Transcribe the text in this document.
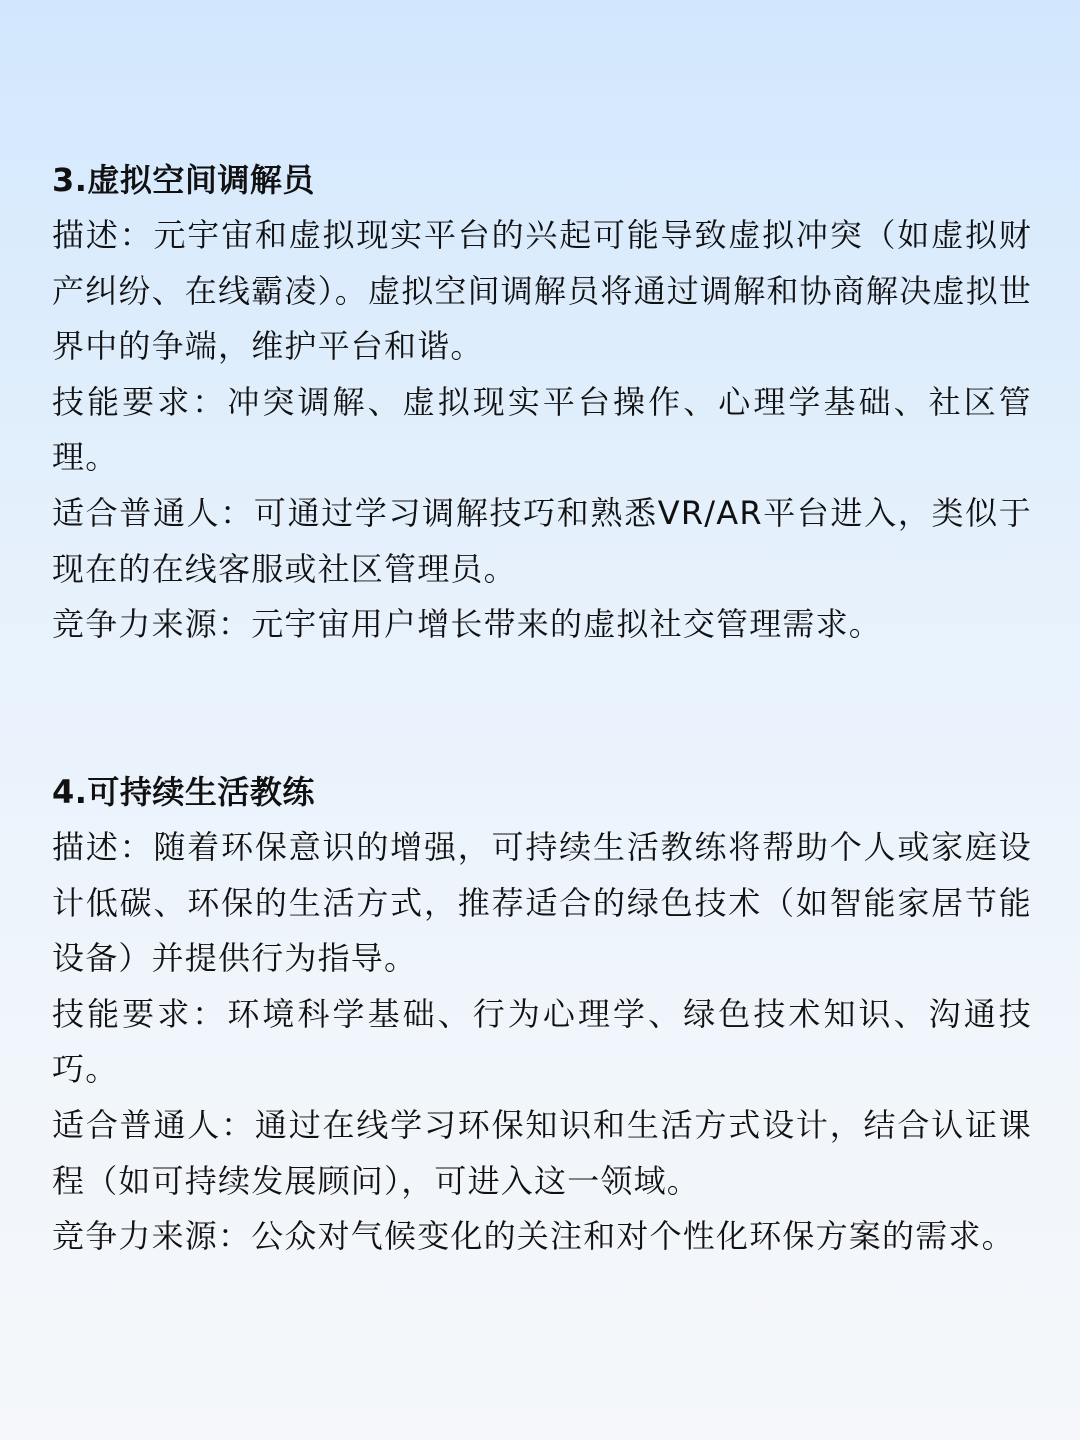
3.虚拟空间调解员

描述：元宇宙和虚拟现实平台的兴起可能导致虚拟冲突（如虚拟财产纠纷、在线霸凌）。虚拟空间调解员将通过调解和协商解决虚拟世界中的争端，维护平台和谐。

技能要求：冲突调解、虚拟现实平台操作、心理学基础、社区管理。

适合普通人：可通过学习调解技巧和熟悉VR/AR平台进入，类似于现在的在线客服或社区管理员。

竞争力来源：元宇宙用户增长带来的虚拟社交管理需求。

4.可持续生活教练

描述：随着环保意识的增强，可持续生活教练将帮助个人或家庭设计低碳、环保的生活方式，推荐适合的绿色技术（如智能家居节能设备）并提供行为指导。

技能要求：环境科学基础、行为心理学、绿色技术知识、沟通技巧。

适合普通人：通过在线学习环保知识和生活方式设计，结合认证课程（如可持续发展顾问），可进入这一领域。

竞争力来源：公众对气候变化的关注和对个性化环保方案的需求。
